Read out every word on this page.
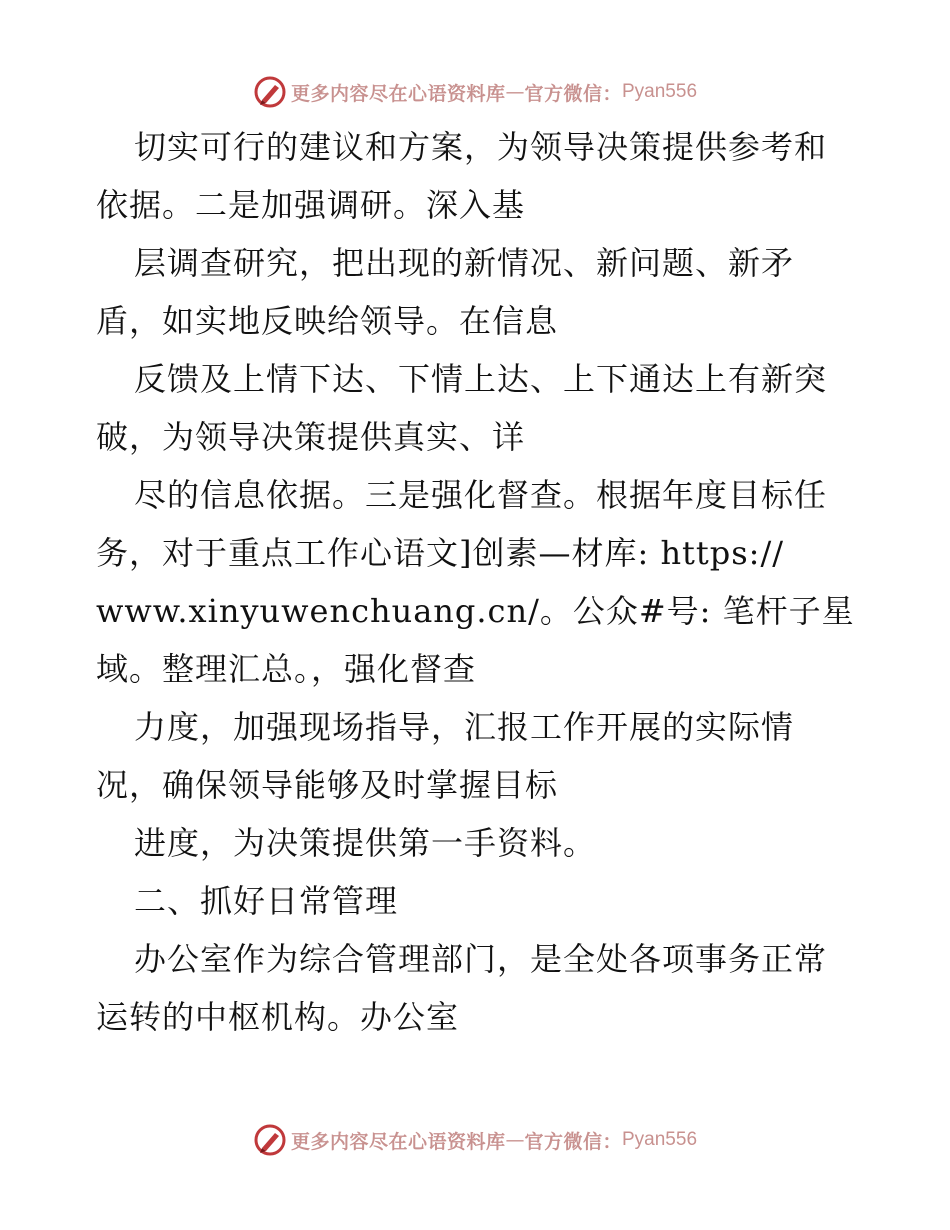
更多内容尽在心语资料库 — 官方微信： Pyan556
切实可行的建议和方案，为领导决策提供参考和
依据。二是加强调研。深入基
层调查研究，把出现的新情况、新问题、新矛
盾，如实地反映给领导。在信息
反馈及上情下达、下情上达、上下通达上有新突
破，为领导决策提供真实、详
尽的信息依据。三是强化督查。根据年度目标任
务，对于重点工作心语文]创素—材库: https://
www.xinyuwenchuang.cn/。公众#号: 笔杆子星
域。整理汇总。，强化督查
力度，加强现场指导，汇报工作开展的实际情
况，确保领导能够及时掌握目标
进度，为决策提供第一手资料。
二、抓好日常管理
办公室作为综合管理部门，是全处各项事务正常
运转的中枢机构。办公室
更多内容尽在心语资料库 — 官方微信： Pyan556
